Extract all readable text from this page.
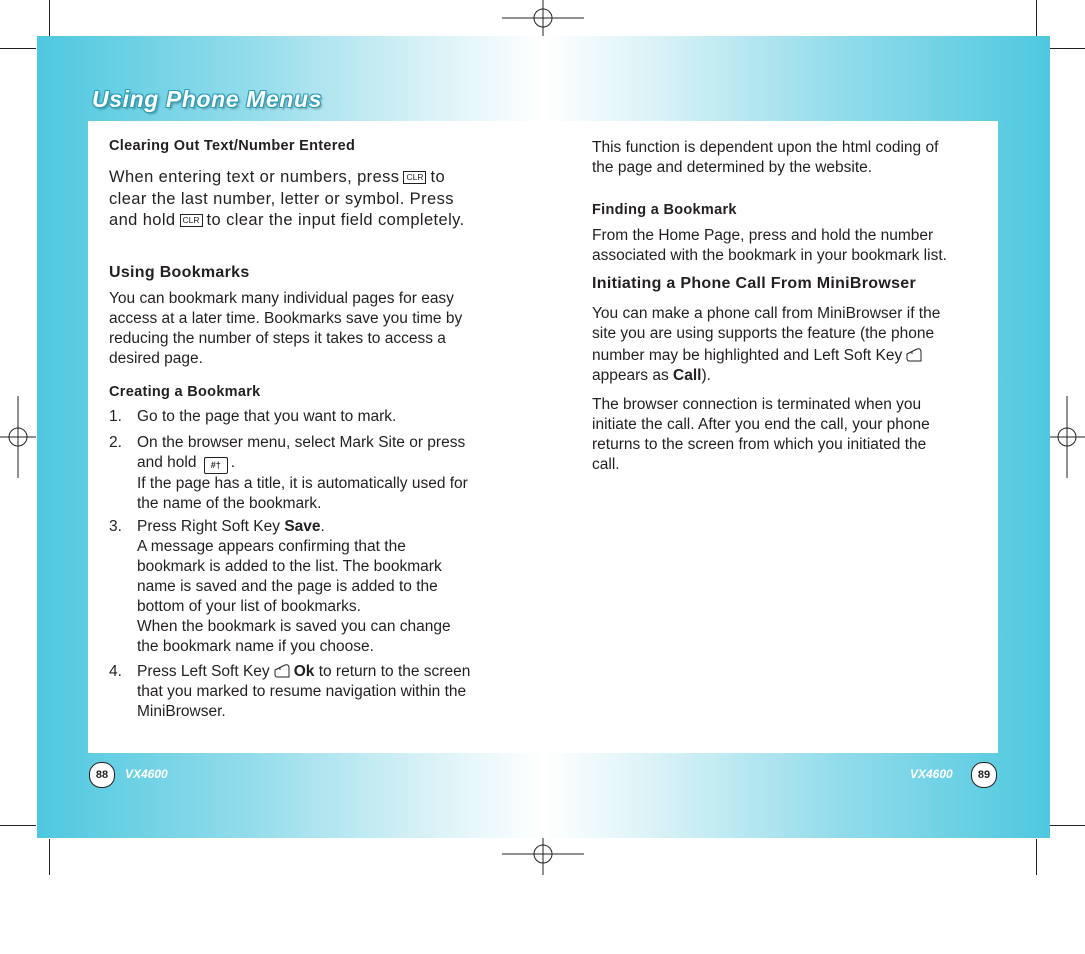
Using Phone Menus
Clearing Out Text/Number Entered
When entering text or numbers, press CLR to
clear the last number, letter or symbol. Press
and hold CLR to clear the input field completely.
Using Bookmarks
You can bookmark many individual pages for easy
access at a later time. Bookmarks save you time by
reducing the number of steps it takes to access a
desired page.
Creating a Bookmark
1. Go to the page that you want to mark.
2. On the browser menu, select Mark Site or press
and hold #† .
If the page has a title, it is automatically used for
the name of the bookmark.
3. Press Right Soft Key Save.
A message appears confirming that the
bookmark is added to the list. The bookmark
name is saved and the page is added to the
bottom of your list of bookmarks.
When the bookmark is saved you can change
the bookmark name if you choose.
4. Press Left Soft Key Ok to return to the screen
that you marked to resume navigation within the
MiniBrowser.
This function is dependent upon the html coding of
the page and determined by the website.
Finding a Bookmark
From the Home Page, press and hold the number
associated with the bookmark in your bookmark list.
Initiating a Phone Call From MiniBrowser
You can make a phone call from MiniBrowser if the
site you are using supports the feature (the phone
number may be highlighted and Left Soft Key
appears as Call).
The browser connection is terminated when you
initiate the call. After you end the call, your phone
returns to the screen from which you initiated the
call.
88	VX4600	VX4600	89
